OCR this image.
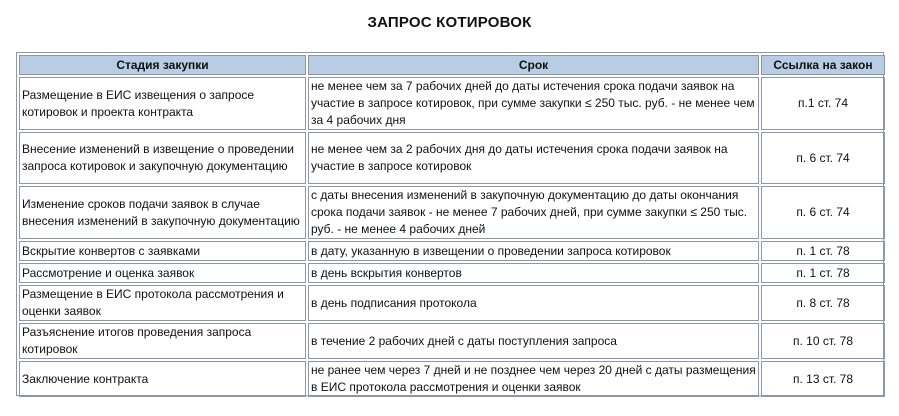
ЗАПРОС КОТИРОВОК
Стадия закупки	Срок	Ссылка на закон
Размещение в ЕИС извещения о запросе котировок и проекта контракта	не менее чем за 7 рабочих дней до даты истечения срока подачи заявок на участие в запросе котировок, при сумме закупки ≤ 250 тыс. руб. - не менее чем за 4 рабочих дня	п.1 ст. 74
Внесение изменений в извещение о проведении запроса котировок и закупочную документацию	не менее чем за 2 рабочих дня до даты истечения срока подачи заявок на участие в запросе котировок	п. 6 ст. 74
Изменение сроков подачи заявок в случае внесения изменений в закупочную документацию	с даты внесения изменений в закупочную документацию до даты окончания срока подачи заявок - не менее 7 рабочих дней, при сумме закупки ≤ 250 тыс. руб. - не менее 4 рабочих дней	п. 6 ст. 74
Вскрытие конвертов с заявками	в дату, указанную в извещении о проведении запроса котировок	п. 1 ст. 78
Рассмотрение и оценка заявок	в день вскрытия конвертов	п. 1 ст. 78
Размещение в ЕИС протокола рассмотрения и оценки заявок	в день подписания протокола	п. 8 ст. 78
Разъяснение итогов проведения запроса котировок	в течение 2 рабочих дней с даты поступления запроса	п. 10 ст. 78
Заключение контракта	не ранее чем через 7 дней и не позднее чем через 20 дней с даты размещения в ЕИС протокола рассмотрения и оценки заявок	п. 13 ст. 78
